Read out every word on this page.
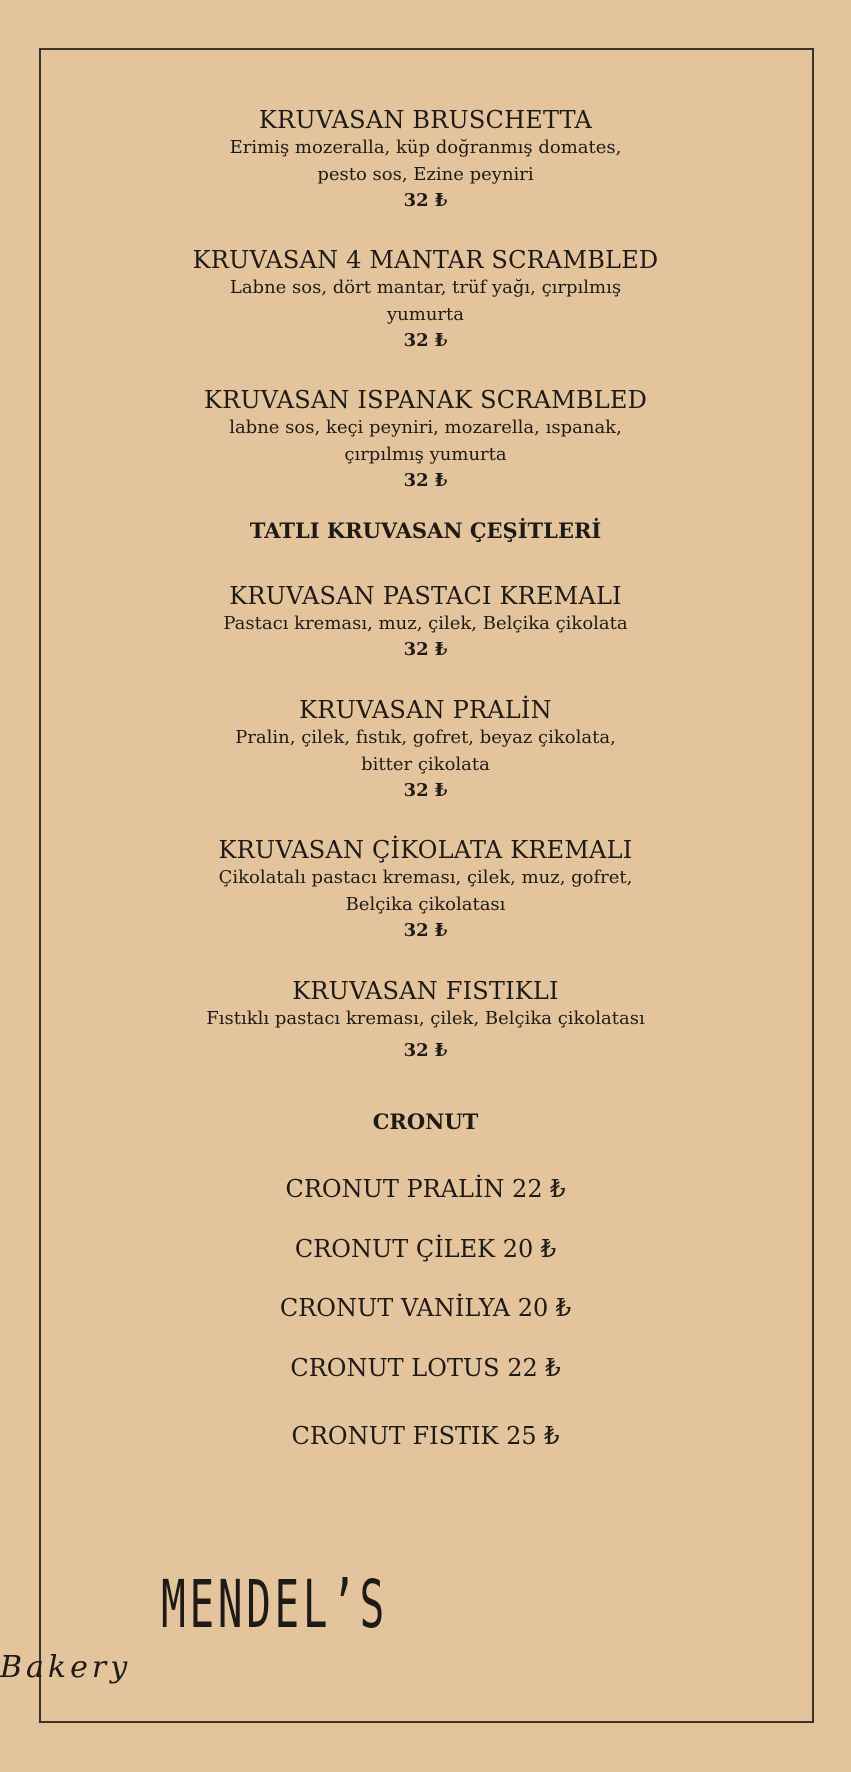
KRUVASAN BRUSCHETTA
Erimiş mozeralla, küp doğranmış domates,
pesto sos, Ezine peyniri
32 ₺
KRUVASAN 4 MANTAR SCRAMBLED
Labne sos, dört mantar, trüf yağı, çırpılmış
yumurta
32 ₺
KRUVASAN ISPANAK SCRAMBLED
labne sos, keçi peyniri, mozarella, ıspanak,
çırpılmış yumurta
32 ₺
TATLI KRUVASAN ÇEŞİTLERİ
KRUVASAN PASTACI KREMALI
Pastacı kreması, muz, çilek, Belçika çikolata
32 ₺
KRUVASAN PRALİN
Pralin, çilek, fıstık, gofret, beyaz çikolata,
bitter çikolata
32 ₺
KRUVASAN ÇİKOLATA KREMALI
Çikolatalı pastacı kreması, çilek, muz, gofret,
Belçika çikolatası
32 ₺
KRUVASAN FISTIKLI
Fıstıklı pastacı kreması, çilek, Belçika çikolatası
32 ₺
CRONUT
CRONUT PRALİN 22 ₺
CRONUT ÇİLEK 20 ₺
CRONUT VANİLYA 20 ₺
CRONUT LOTUS 22 ₺
CRONUT FISTIK 25 ₺
MENDEL’S
Bakery
